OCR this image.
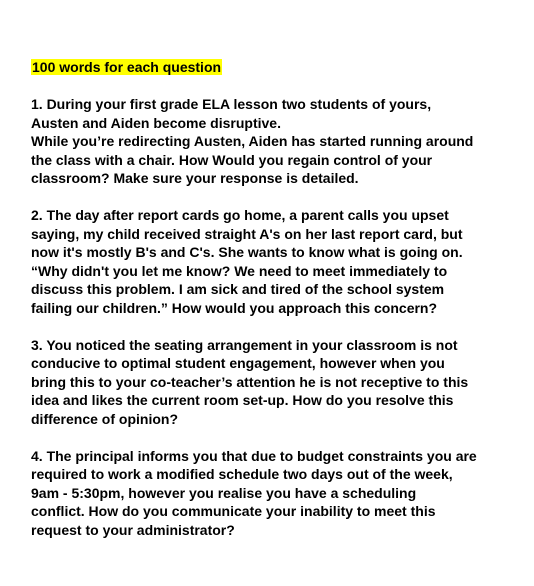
100 words for each question
1. During your first grade ELA lesson two students of yours,
Austen and Aiden become disruptive.
While you’re redirecting Austen, Aiden has started running around
the class with a chair. How Would you regain control of your
classroom? Make sure your response is detailed.
2. The day after report cards go home, a parent calls you upset
saying, my child received straight A's on her last report card, but
now it's mostly B's and C's. She wants to know what is going on.
“Why didn't you let me know? We need to meet immediately to
discuss this problem. I am sick and tired of the school system
failing our children.” How would you approach this concern?
3. You noticed the seating arrangement in your classroom is not
conducive to optimal student engagement, however when you
bring this to your co-teacher’s attention he is not receptive to this
idea and likes the current room set-up. How do you resolve this
difference of opinion?
4. The principal informs you that due to budget constraints you are
required to work a modified schedule two days out of the week,
9am - 5:30pm, however you realise you have a scheduling
conflict. How do you communicate your inability to meet this
request to your administrator?
